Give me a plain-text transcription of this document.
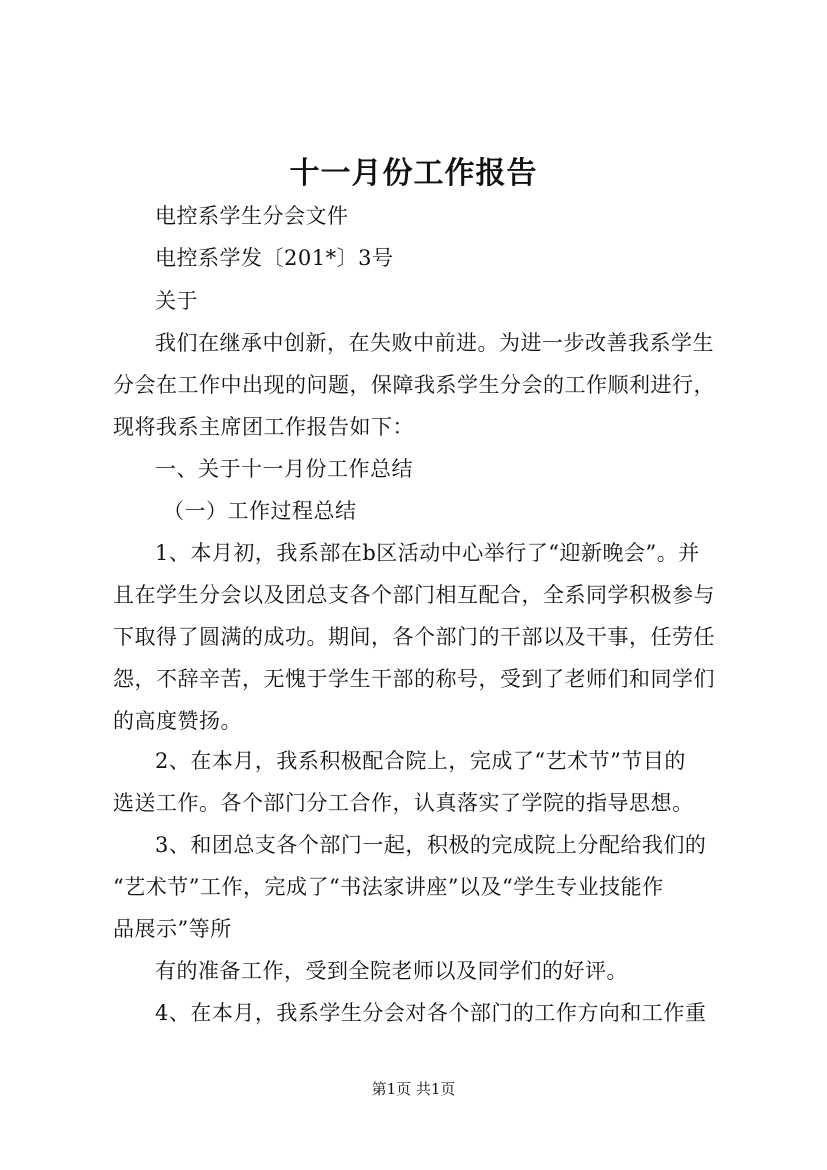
十一月份工作报告
电控系学生分会文件
电控系学发〔201*〕3号
关于
我们在继承中创新，在失败中前进。为进一步改善我系学生
分会在工作中出现的问题，保障我系学生分会的工作顺利进行，
现将我系主席团工作报告如下：
一、关于十一月份工作总结
（一）工作过程总结
1、本月初，我系部在b区活动中心举行了“迎新晚会”。并
且在学生分会以及团总支各个部门相互配合，全系同学积极参与
下取得了圆满的成功。期间，各个部门的干部以及干事，任劳任
怨，不辞辛苦，无愧于学生干部的称号，受到了老师们和同学们
的高度赞扬。
2、在本月，我系积极配合院上，完成了“艺术节”节目的
选送工作。各个部门分工合作，认真落实了学院的指导思想。
3、和团总支各个部门一起，积极的完成院上分配给我们的
“艺术节”工作，完成了“书法家讲座”以及“学生专业技能作
品展示”等所
有的准备工作，受到全院老师以及同学们的好评。
4、在本月，我系学生分会对各个部门的工作方向和工作重
第1页 共1页
